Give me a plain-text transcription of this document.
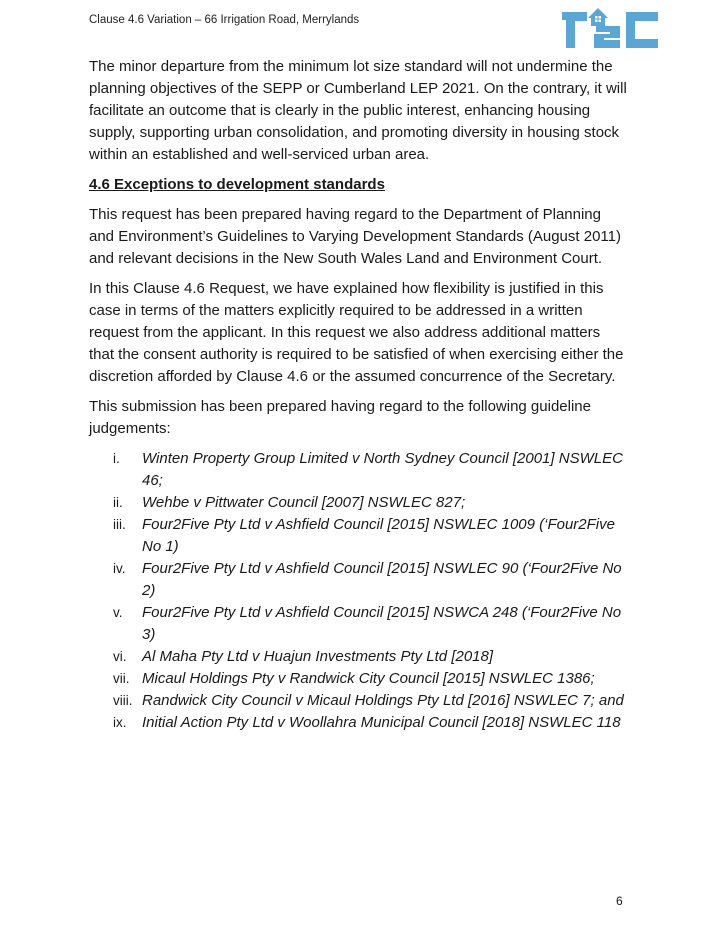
Clause 4.6 Variation – 66 Irrigation Road, Merrylands

The minor departure from the minimum lot size standard will not undermine the planning objectives of the SEPP or Cumberland LEP 2021. On the contrary, it will facilitate an outcome that is clearly in the public interest, enhancing housing supply, supporting urban consolidation, and promoting diversity in housing stock within an established and well-serviced urban area.

4.6 Exceptions to development standards

This request has been prepared having regard to the Department of Planning and Environment’s Guidelines to Varying Development Standards (August 2011) and relevant decisions in the New South Wales Land and Environment Court.

In this Clause 4.6 Request, we have explained how flexibility is justified in this case in terms of the matters explicitly required to be addressed in a written request from the applicant. In this request we also address additional matters that the consent authority is required to be satisfied of when exercising either the discretion afforded by Clause 4.6 or the assumed concurrence of the Secretary.

This submission has been prepared having regard to the following guideline judgements:

i.	Winten Property Group Limited v North Sydney Council [2001] NSWLEC 46;
ii.	Wehbe v Pittwater Council [2007] NSWLEC 827;
iii.	Four2Five Pty Ltd v Ashfield Council [2015] NSWLEC 1009 (‘Four2Five No 1)
iv.	Four2Five Pty Ltd v Ashfield Council [2015] NSWLEC 90 (‘Four2Five No 2)
v.	Four2Five Pty Ltd v Ashfield Council [2015] NSWCA 248 (‘Four2Five No 3)
vi.	Al Maha Pty Ltd v Huajun Investments Pty Ltd [2018]
vii. Micaul Holdings Pty v Randwick City Council [2015] NSWLEC 1386;
viii. Randwick City Council v Micaul Holdings Pty Ltd [2016] NSWLEC 7; and
ix.	Initial Action Pty Ltd v Woollahra Municipal Council [2018] NSWLEC 118
6
